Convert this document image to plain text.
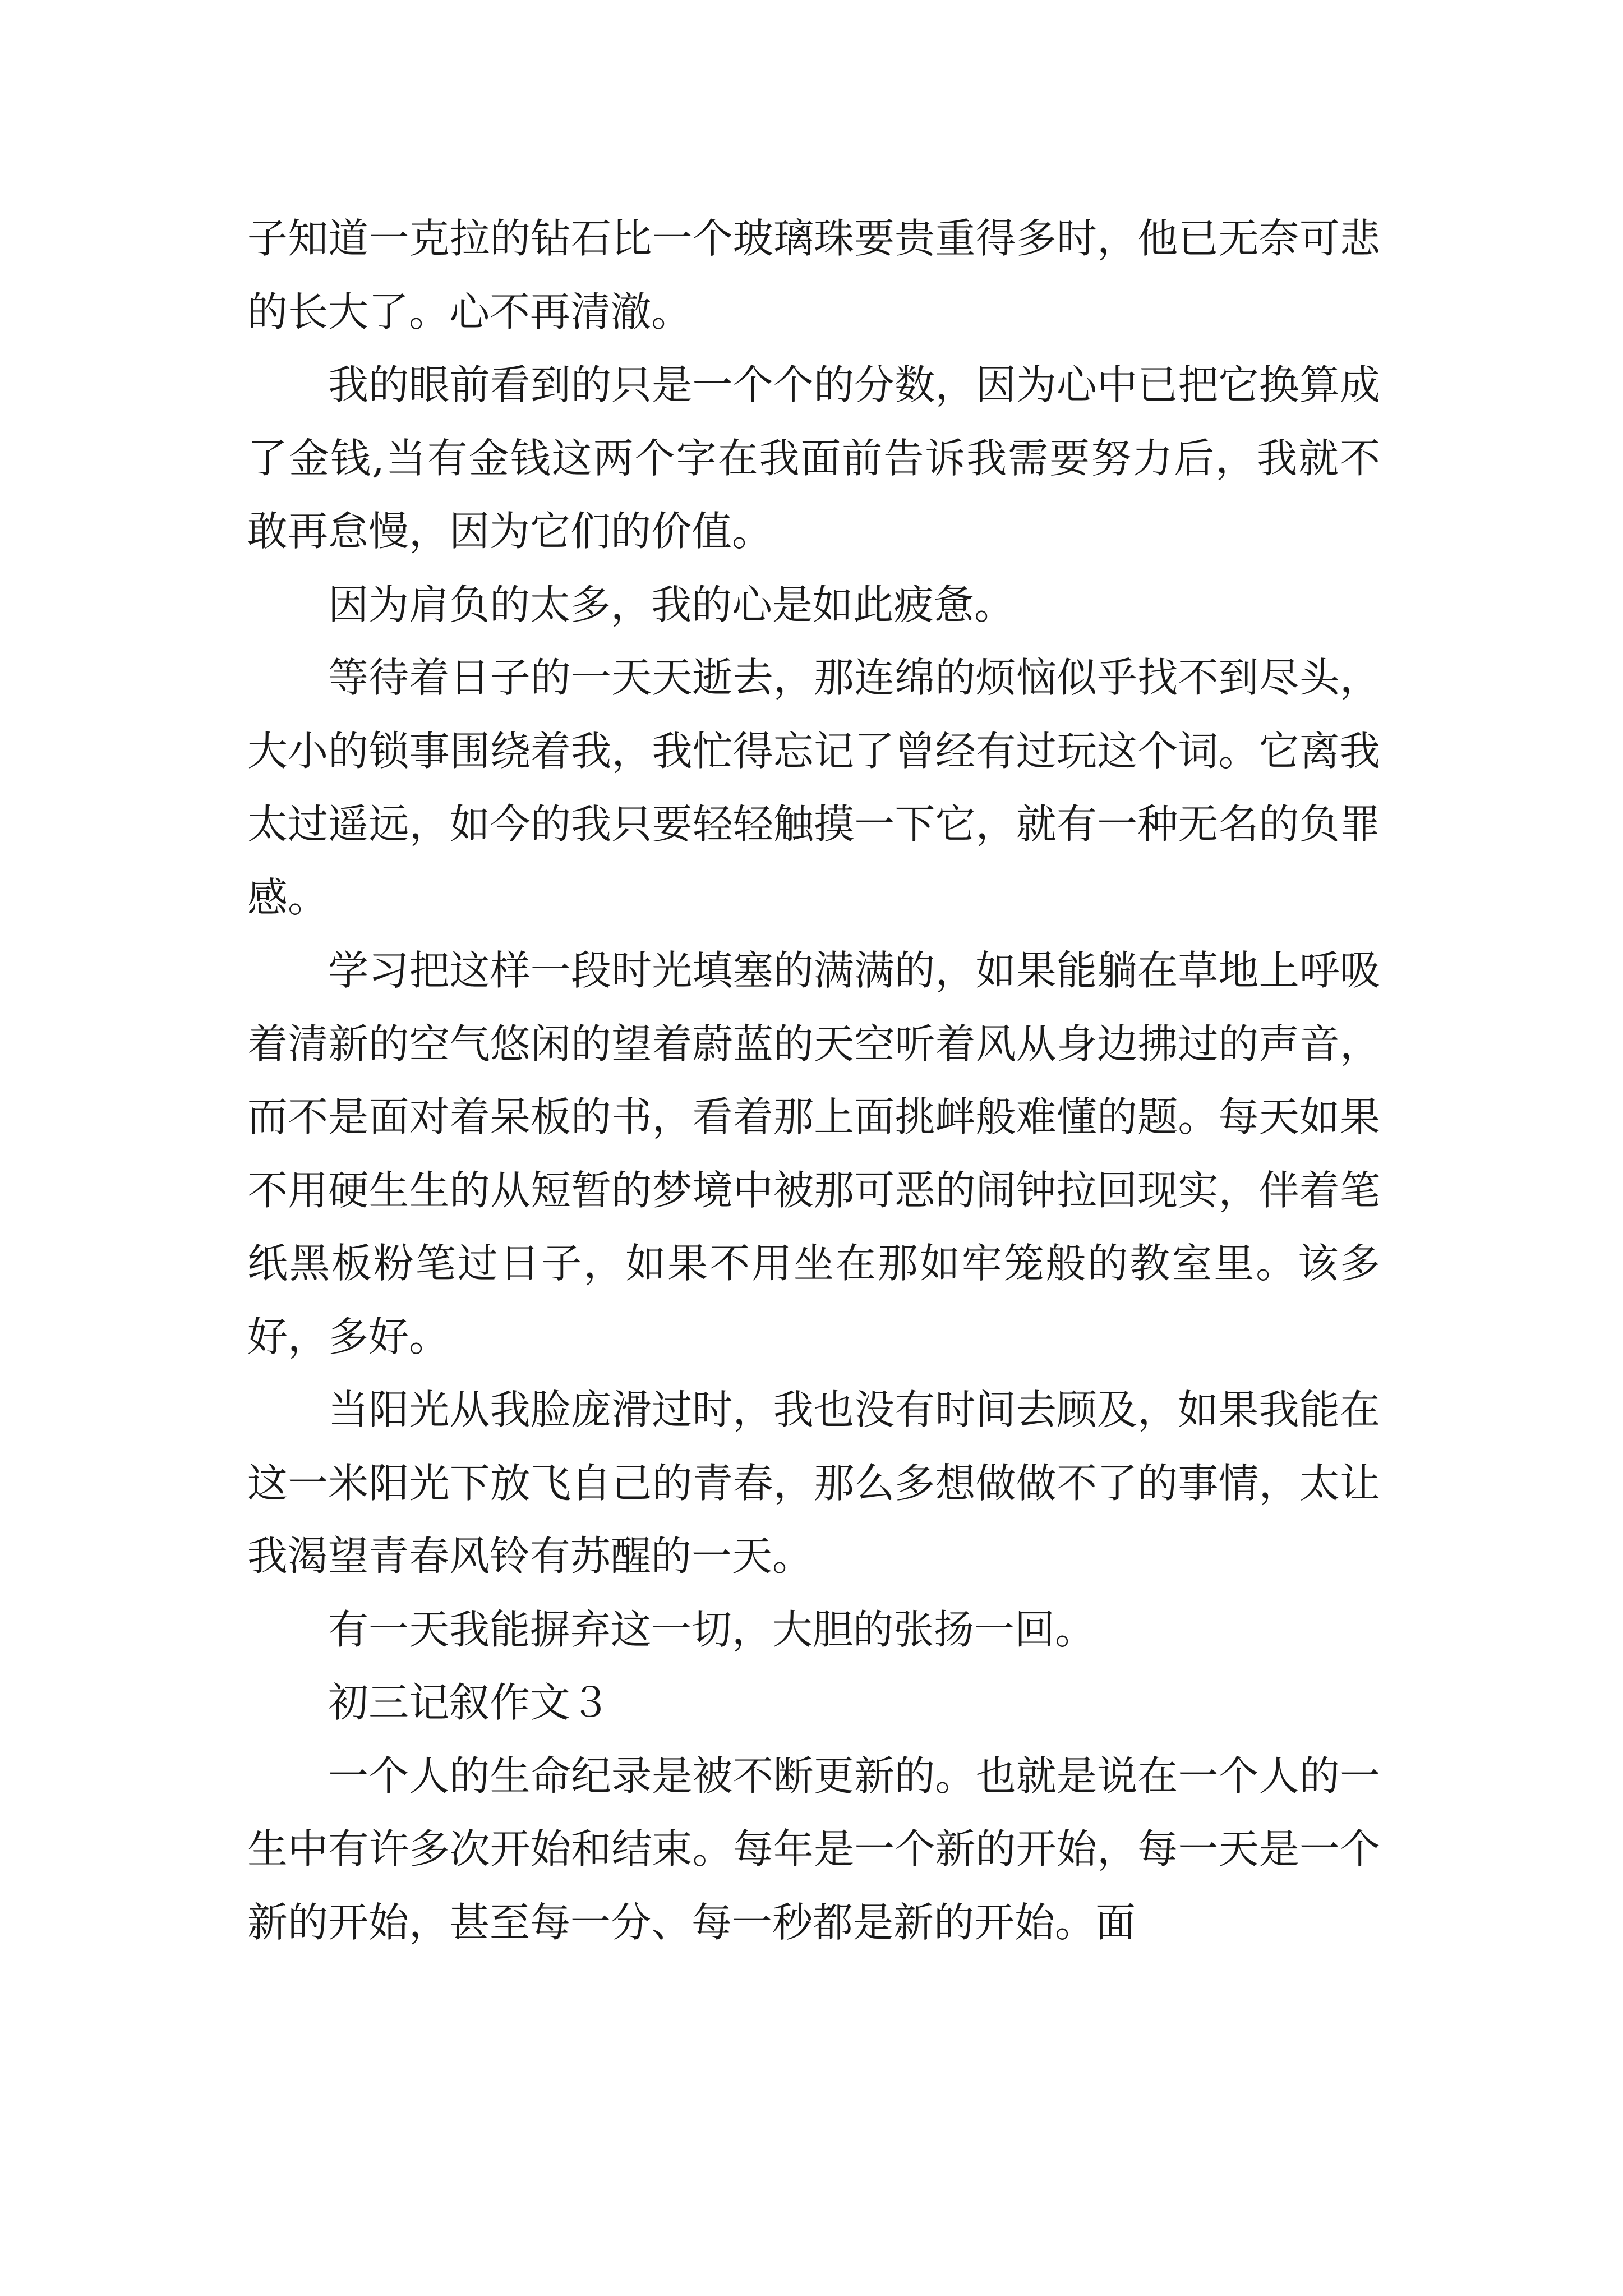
子知道一克拉的钻石比一个玻璃珠要贵重得多时，他已无奈可悲的长大了。心不再清澈。

我的眼前看到的只是一个个的分数，因为心中已把它换算成了金钱,当有金钱这两个字在我面前告诉我需要努力后，我就不敢再怠慢，因为它们的价值。

因为肩负的太多，我的心是如此疲惫。

等待着日子的一天天逝去，那连绵的烦恼似乎找不到尽头，大小的锁事围绕着我，我忙得忘记了曾经有过玩这个词。它离我太过遥远，如今的我只要轻轻触摸一下它，就有一种无名的负罪感。

学习把这样一段时光填塞的满满的，如果能躺在草地上呼吸着清新的空气悠闲的望着蔚蓝的天空听着风从身边拂过的声音，而不是面对着呆板的书，看着那上面挑衅般难懂的题。每天如果不用硬生生的从短暂的梦境中被那可恶的闹钟拉回现实，伴着笔纸黑板粉笔过日子，如果不用坐在那如牢笼般的教室里。该多好，多好。

当阳光从我脸庞滑过时，我也没有时间去顾及，如果我能在这一米阳光下放飞自己的青春，那么多想做做不了的事情，太让我渴望青春风铃有苏醒的一天。

有一天我能摒弃这一切，大胆的张扬一回。

初三记叙作文３

一个人的生命纪录是被不断更新的。也就是说在一个人的一生中有许多次开始和结束。每年是一个新的开始，每一天是一个新的开始，甚至每一分、每一秒都是新的开始。面
